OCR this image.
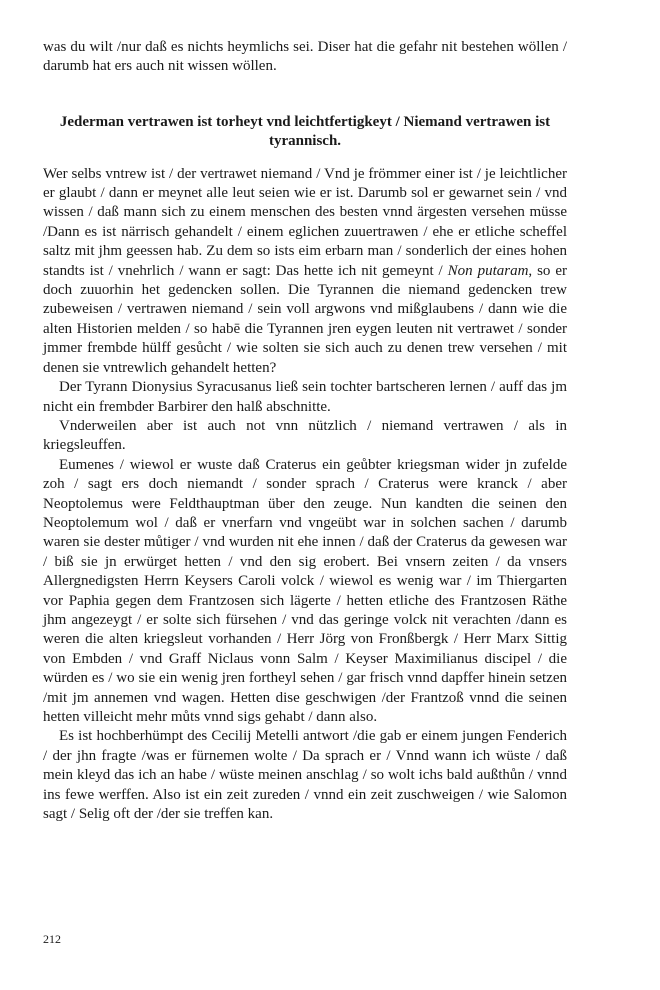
was du wilt /nur daß es nichts heymlichs sei. Diser hat die gefahr nit bestehen wöllen / darumb hat ers auch nit wissen wöllen.

Jederman vertrawen ist torheyt vnd leichtfertigkeyt / Niemand vertrawen ist tyrannisch.

Wer selbs vntrew ist / der vertrawet niemand / Vnd je frömmer einer ist / je leichtlicher er glaubt / dann er meynet alle leut seien wie er ist. Darumb sol er gewarnet sein / vnd wissen / daß mann sich zu einem menschen des besten vnnd ärgesten versehen müsse /Dann es ist närrisch gehandelt / einem eglichen zuuertrawen / ehe er etliche scheffel saltz mit jhm geessen hab. Zu dem so ists eim erbarn man / sonderlich der eines hohen standts ist / vnehrlich / wann er sagt: Das hette ich nit gemeynt / Non putaram, so er doch zuuorhin het gedencken sollen. Die Tyrannen die niemand gedencken trew zubeweisen / vertrawen niemand / sein voll argwons vnd mißglaubens / dann wie die alten Historien melden / so habē die Tyrannen jren eygen leuten nit vertrawet / sonder jmmer frembde hülff gesůcht / wie solten sie sich auch zu denen trew versehen / mit denen sie vntrewlich gehandelt hetten?

Der Tyrann Dionysius Syracusanus ließ sein tochter bartscheren lernen / auff das jm nicht ein frembder Barbirer den halß abschnitte.

Vnderweilen aber ist auch not vnn nützlich / niemand vertrawen / als in kriegsleuffen.

Eumenes / wiewol er wuste daß Craterus ein geůbter kriegsman wider jn zufelde zoh / sagt ers doch niemandt / sonder sprach / Craterus were kranck / aber Neoptolemus were Feldthauptman über den zeuge. Nun kandten die seinen den Neoptolemum wol / daß er vnerfarn vnd vngeübt war in solchen sachen / darumb waren sie dester můtiger / vnd wurden nit ehe innen / daß der Craterus da gewesen war / biß sie jn erwürget hetten / vnd den sig erobert. Bei vnsern zeiten / da vnsers Allergnedigsten Herrn Keysers Caroli volck / wiewol es wenig war / im Thiergarten vor Paphia gegen dem Frantzosen sich lägerte / hetten etliche des Frantzosen Räthe jhm angezeygt / er solte sich fürsehen / vnd das geringe volck nit verachten /dann es weren die alten kriegsleut vorhanden / Herr Jörg von Fronßbergk / Herr Marx Sittig von Embden / vnd Graff Niclaus vonn Salm / Keyser Maximilianus discipel / die würden es / wo sie ein wenig jren fortheyl sehen / gar frisch vnnd dapffer hinein setzen /mit jm annemen vnd wagen. Hetten dise geschwigen /der Frantzoß vnnd die seinen hetten villeicht mehr můts vnnd sigs gehabt / dann also.

Es ist hochberhümpt des Cecilij Metelli antwort /die gab er einem jungen Fenderich / der jhn fragte /was er fürnemen wolte / Da sprach er / Vnnd wann ich wüste / daß mein kleyd das ich an habe / wüste meinen anschlag / so wolt ichs bald außthůn / vnnd ins fewe werffen. Also ist ein zeit zureden / vnnd ein zeit zuschweigen / wie Salomon sagt / Selig oft der /der sie treffen kan.

212
